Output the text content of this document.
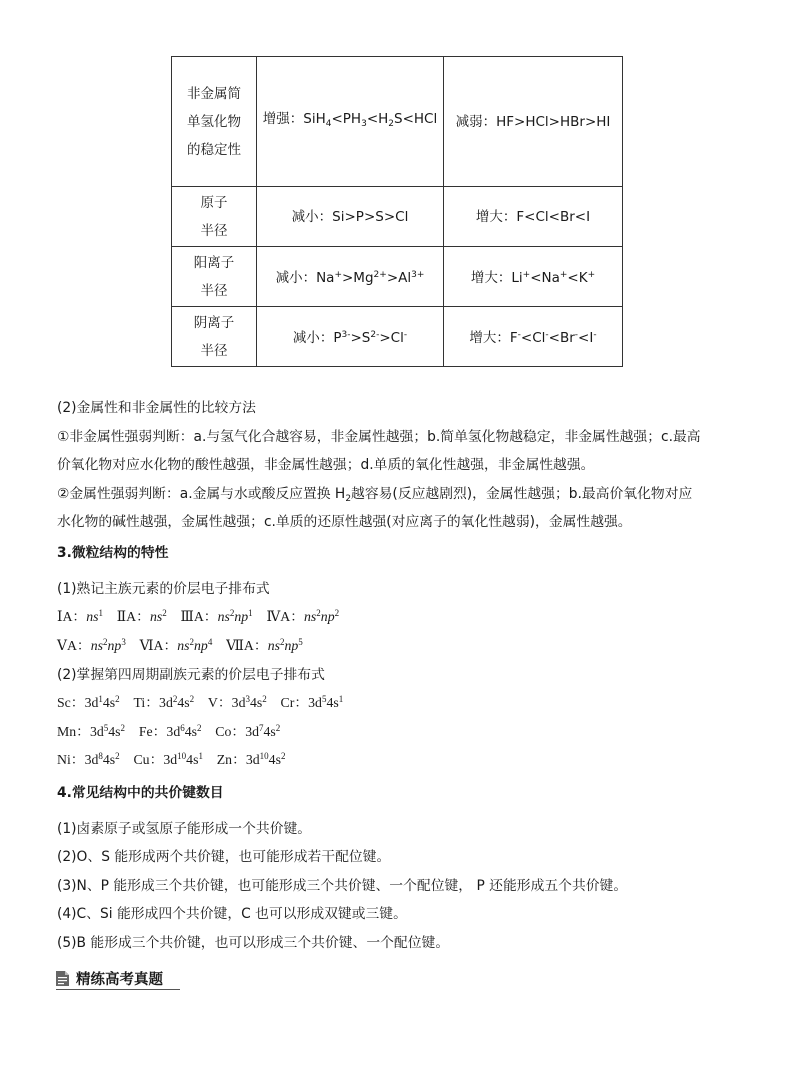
非金属简
单氢化物
的稳定性	增强：$SiH_4<PH_3<H_2S<HCl$	减弱：HF>HCl>HBr>HI
原子
半径	减小：Si>P>S>Cl	增大：F<Cl<Br<I
阳离子
半径	减小：$Na^+>Mg^{2+}>Al^{3+}$	增大：Li+<Na+<K+
阴离子
半径	减小：$P^{3-}>S^{2-}>Cl^-$	增大：F-<Cl-<Br-<I-
(2)金属性和非金属性的比较方法
①非金属性强弱判断：a.与氢气化合越容易，非金属性越强；b.简单氢化物越稳定，非金属性越强；c.最高
价氧化物对应水化物的酸性越强，非金属性越强；d.单质的氧化性越强，非金属性越强。
②金属性强弱判断：a.金属与水或酸反应置换 $H_2$越容易(反应越剧烈)，金属性越强；b.最高价氧化物对应
水化物的碱性越强，金属性越强；c.单质的还原性越强(对应离子的氧化性越弱)，金属性越强。
3.微粒结构的特性
(1)熟记主族元素的价层电子排布式
ⅠA：$ns^1$　ⅡA：$ns^2$　ⅢA：$ns^2np^1$　ⅣA：$ns^2np^2$
ⅤA：$ns^2np^3$　ⅥA：$ns^2np^4$　ⅦA：$ns^2np^5$
(2)掌握第四周期副族元素的价层电子排布式
Sc：$3d^14s^2$　Ti：$3d^24s^2$　V：$3d^34s^2$　Cr：$3d^54s^1$
Mn：$3d^54s^2$　Fe：$3d^64s^2$　Co：$3d^74s^2$
Ni：$3d^84s^2$　Cu：$3d^{10}4s^1$　Zn：$3d^{10}4s^2$
4.常见结构中的共价键数目
(1)卤素原子或氢原子能形成一个共价键。
(2)O、S 能形成两个共价键，也可能形成若干配位键。
(3)N、P 能形成三个共价键，也可能形成三个共价键、一个配位键， P 还能形成五个共价键。
(4)C、Si 能形成四个共价键，C 也可以形成双键或三键。
(5)B 能形成三个共价键，也可以形成三个共价键、一个配位键。
精练高考真题
